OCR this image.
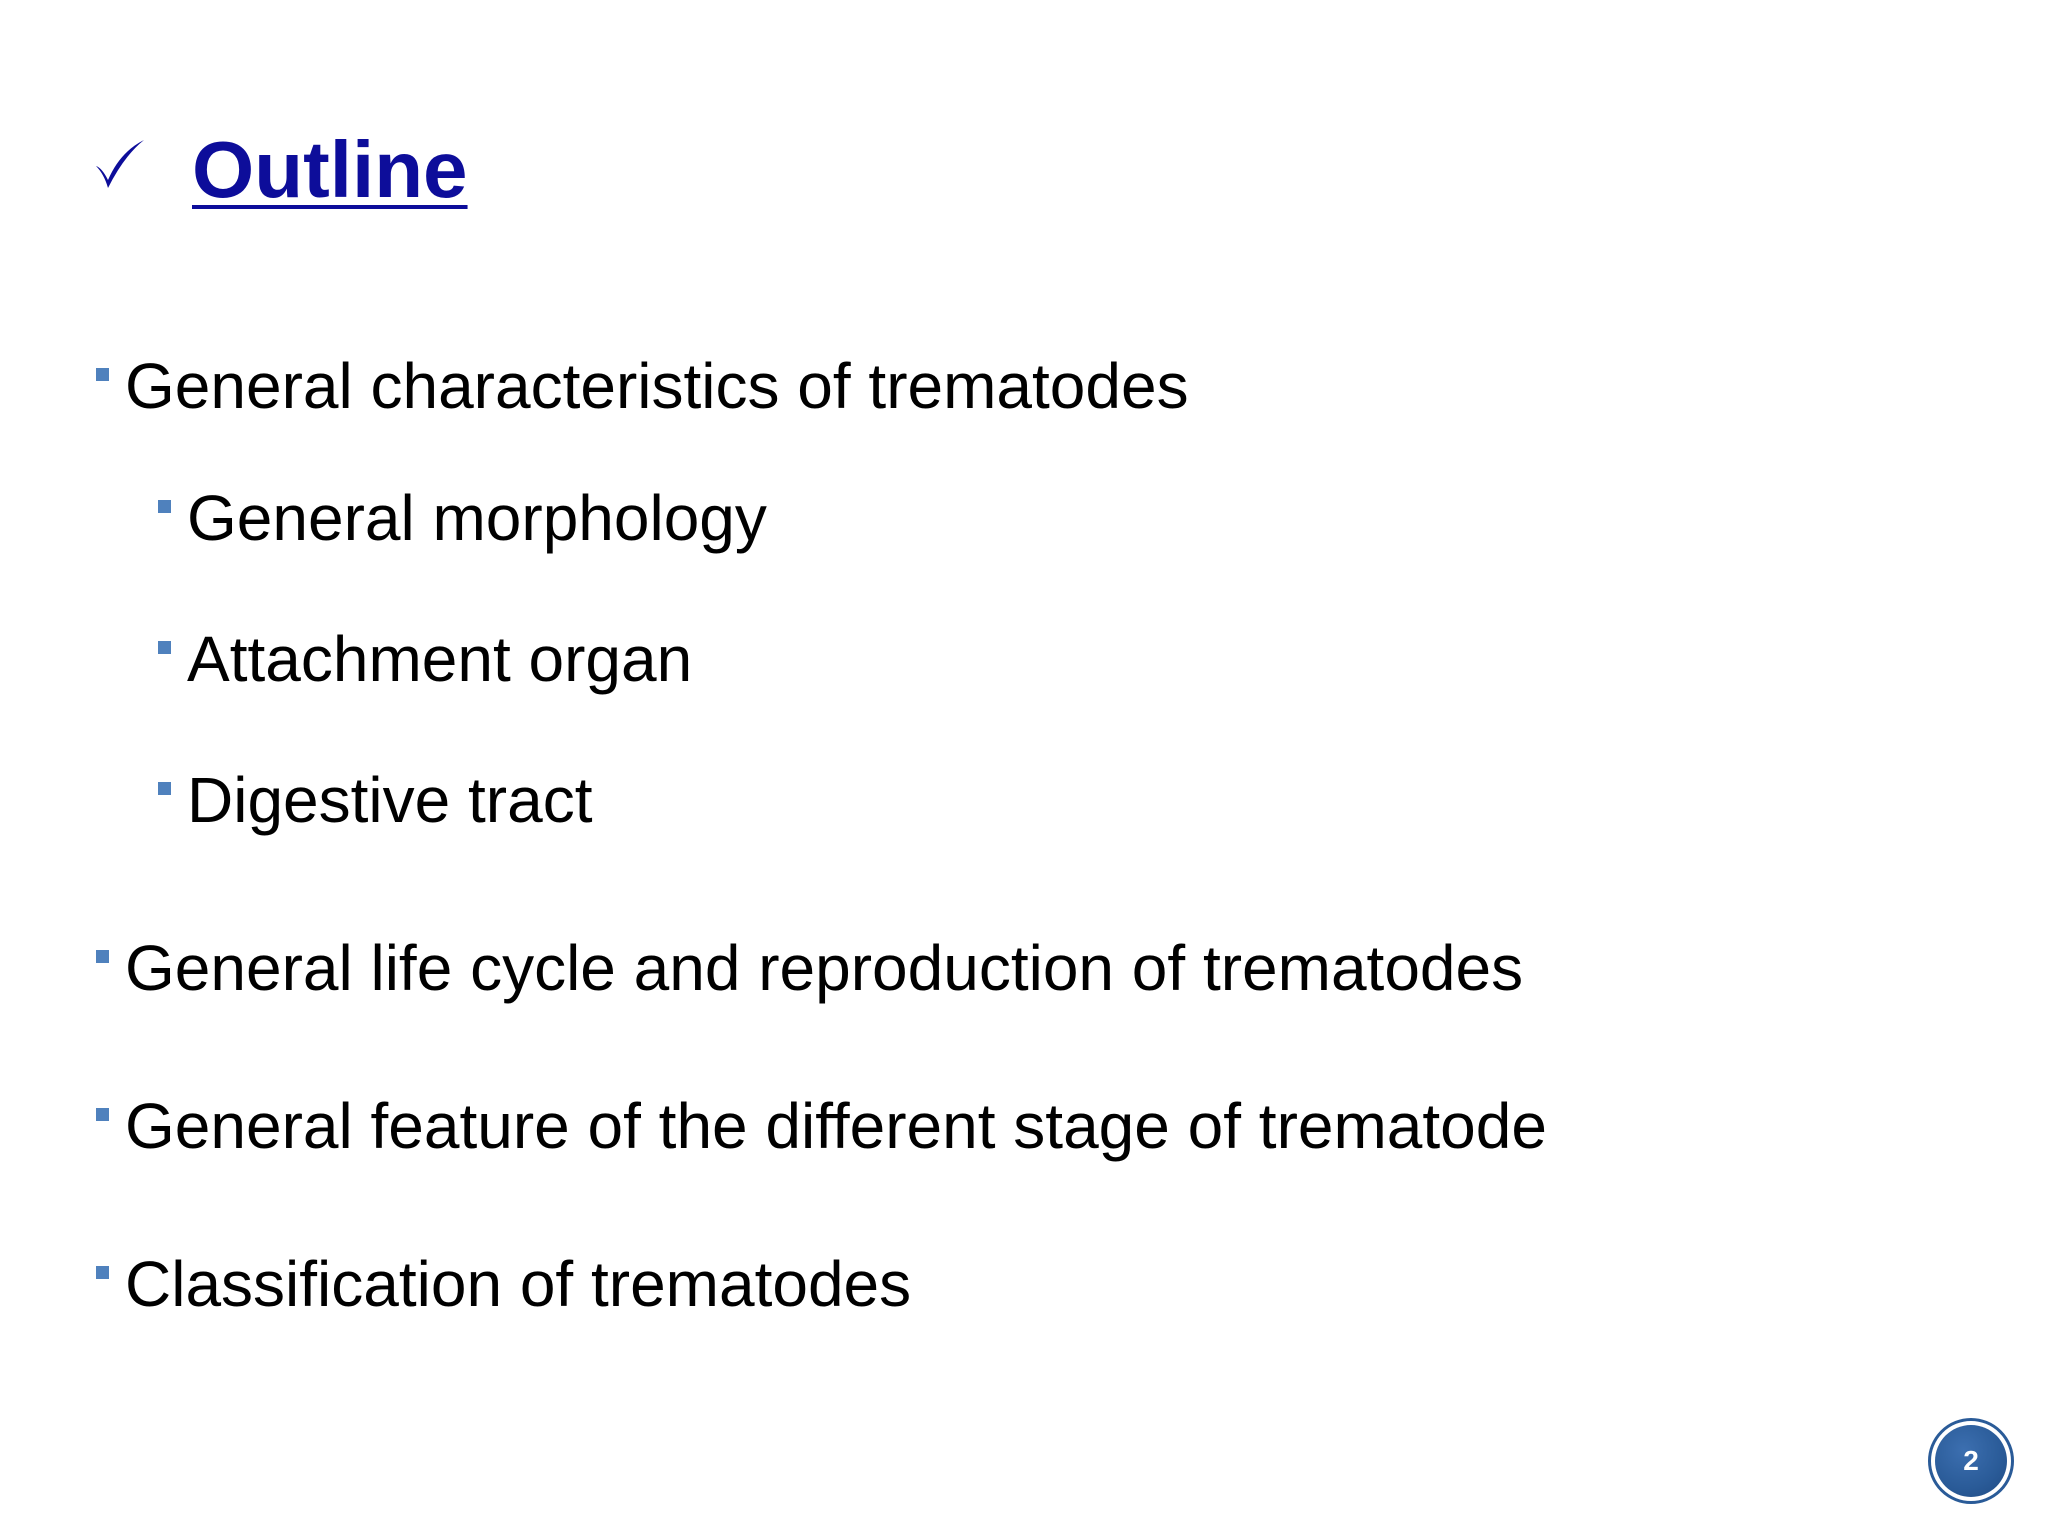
Outline
General characteristics of trematodes
General morphology
Attachment organ
Digestive tract
General life cycle and reproduction of trematodes
General feature of the different stage of trematode
Classification of trematodes
2
